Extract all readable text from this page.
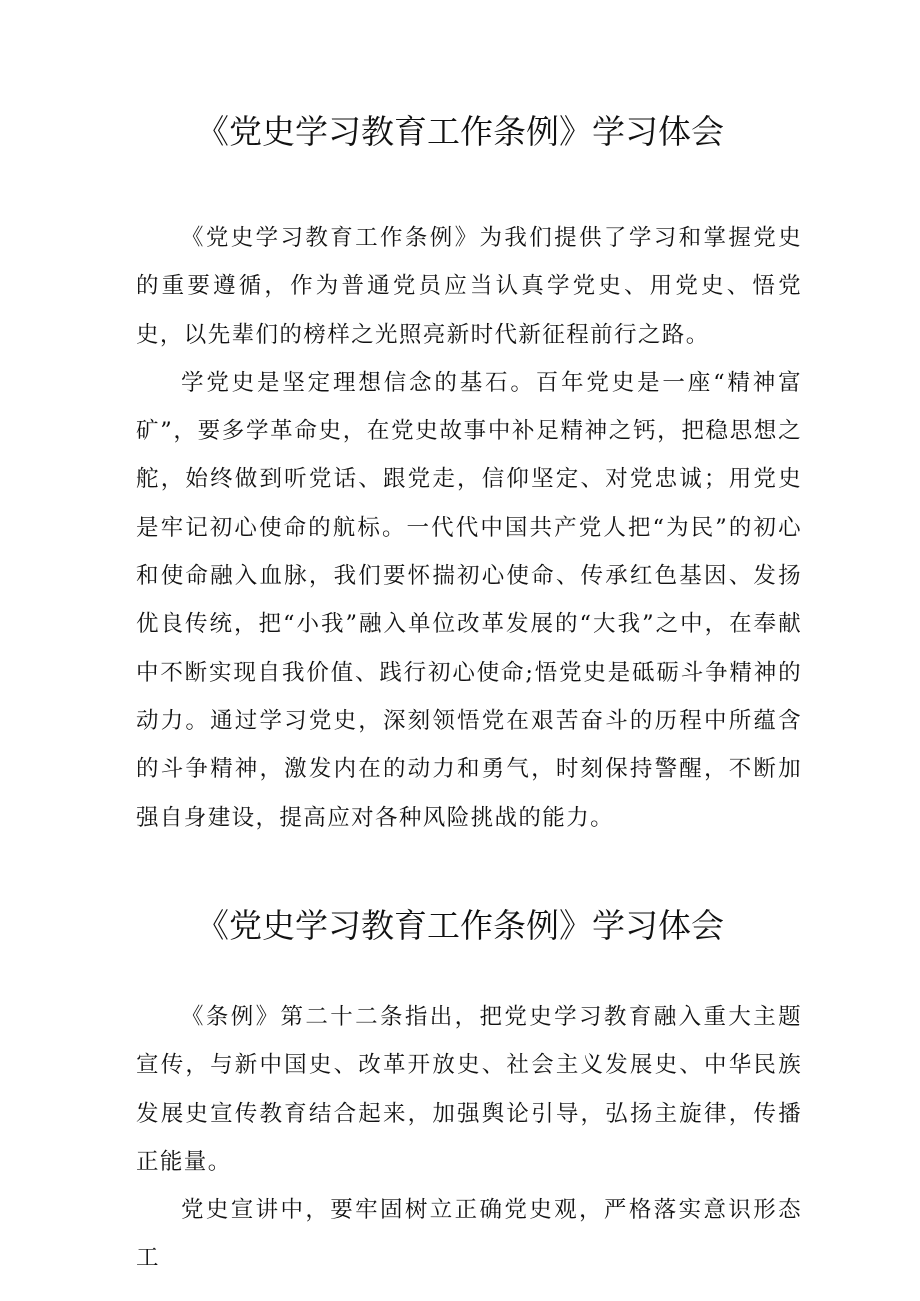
《党史学习教育工作条例》学习体会

《党史学习教育工作条例》为我们提供了学习和掌握党史的重要遵循，作为普通党员应当认真学党史、用党史、悟党史，以先辈们的榜样之光照亮新时代新征程前行之路。

学党史是坚定理想信念的基石。百年党史是一座“精神富矿”，要多学革命史，在党史故事中补足精神之钙，把稳思想之舵，始终做到听党话、跟党走，信仰坚定、对党忠诚；用党史是牢记初心使命的航标。一代代中国共产党人把“为民”的初心和使命融入血脉，我们要怀揣初心使命、传承红色基因、发扬优良传统，把“小我”融入单位改革发展的“大我”之中，在奉献中不断实现自我价值、践行初心使命;悟党史是砥砺斗争精神的动力。通过学习党史，深刻领悟党在艰苦奋斗的历程中所蕴含的斗争精神，激发内在的动力和勇气，时刻保持警醒，不断加强自身建设，提高应对各种风险挑战的能力。

《党史学习教育工作条例》学习体会

《条例》第二十二条指出，把党史学习教育融入重大主题宣传，与新中国史、改革开放史、社会主义发展史、中华民族发展史宣传教育结合起来，加强舆论引导，弘扬主旋律，传播正能量。

党史宣讲中，要牢固树立正确党史观，严格落实意识形态工
